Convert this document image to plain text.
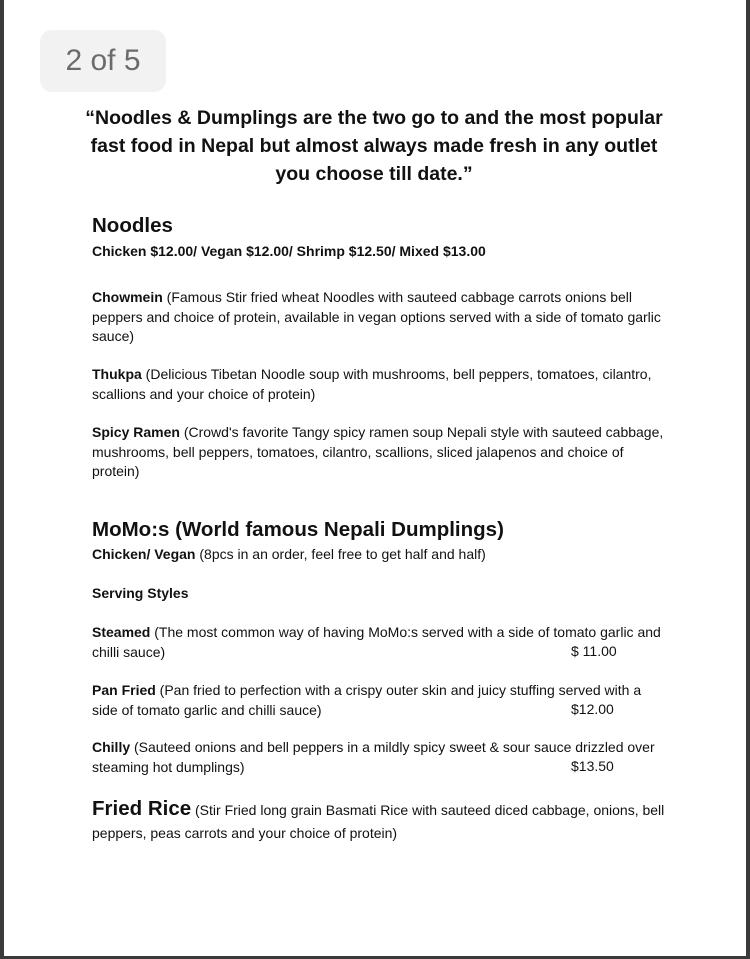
2 of 5
“Noodles & Dumplings are the two go to and the most popular fast food in Nepal but almost always made fresh in any outlet you choose till date.”
Noodles
Chicken $12.00/ Vegan $12.00/ Shrimp $12.50/ Mixed $13.00
Chowmein (Famous Stir fried wheat Noodles with sauteed cabbage carrots onions bell peppers and choice of protein, available in vegan options served with a side of tomato garlic sauce)
Thukpa (Delicious Tibetan Noodle soup with mushrooms, bell peppers, tomatoes, cilantro, scallions and your choice of protein)
Spicy Ramen (Crowd's favorite Tangy spicy ramen soup Nepali style with sauteed cabbage, mushrooms, bell peppers, tomatoes, cilantro, scallions, sliced jalapenos and choice of protein)
MoMo:s (World famous Nepali Dumplings)
Chicken/ Vegan (8pcs in an order, feel free to get half and half)
Serving Styles
Steamed (The most common way of having MoMo:s served with a side of tomato garlic and chilli sauce)	$ 11.00
Pan Fried (Pan fried to perfection with a crispy outer skin and juicy stuffing served with a side of tomato garlic and chilli sauce)	$12.00
Chilly (Sauteed onions and bell peppers in a mildly spicy sweet & sour sauce drizzled over steaming hot dumplings)	$13.50
Fried Rice (Stir Fried long grain Basmati Rice with sauteed diced cabbage, onions, bell peppers, peas carrots and your choice of protein)
